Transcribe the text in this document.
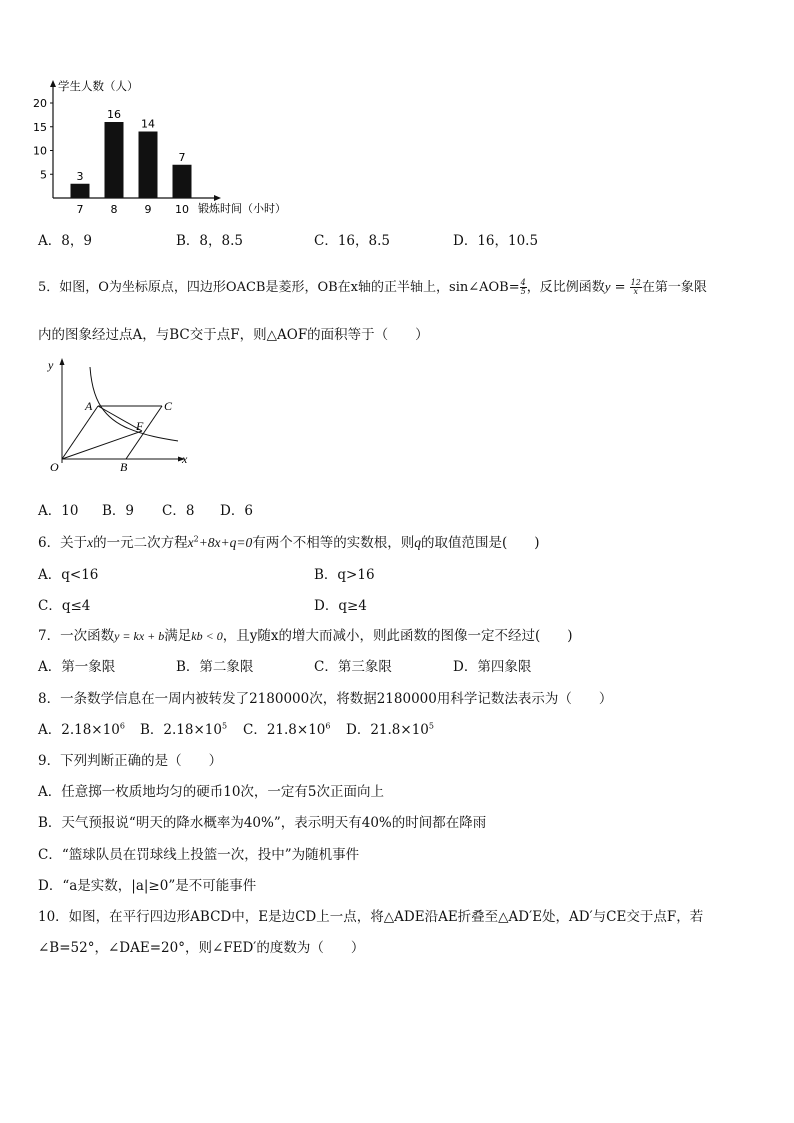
学生人数（人）
锻炼时间（小时）
20
15
10
5	3
7
16
8
14
9
7
10
A．8，9	B．8，8.5	C．16，8.5	D．16，10.5
5．如图，O为坐标原点，四边形OACB是菱形，OB在x轴的正半轴上，sin∠AOB= $\frac{4}{5}$ ，反比例函数$y = \frac{12}{x}$ 在第一象限
内的图象经过点A，与BC交于点F，则△AOF的面积等于（　　）
y
x
O
A	C
F
B
A．10 B．9 C．8 D．6
6．关于x的一元二次方程$x^2+8x+q=0$有两个不相等的实数根，则q的取值范围是(　　)
A．q<16	B．q>16
C．q≤4	D．q≥4
7．一次函数y = kx + b满足kb < 0，且y随x的增大而减小，则此函数的图像一定不经过(　　)
A．第一象限	B．第二象限	C．第三象限	D．第四象限
8．一条数学信息在一周内被转发了2180000次，将数据2180000用科学记数法表示为（　　）
A．$2.18\times 10^6$ B．$2.18\times 10^5$ C．$21.8\times 10^6$ D．$21.8\times 10^5$
9．下列判断正确的是（　　）
A．任意掷一枚质地均匀的硬币10次，一定有5次正面向上
B．天气预报说“明天的降水概率为40%”，表示明天有40%的时间都在降雨
C．“篮球队员在罚球线上投篮一次，投中”为随机事件
D．“a是实数，|a|≥0”是不可能事件
10．如图，在平行四边形ABCD中，E是边CD上一点，将△ADE沿AE折叠至△AD′E处，AD′与CE交于点F，若
∠B=52°，∠DAE=20°，则∠FED′的度数为（　　）
